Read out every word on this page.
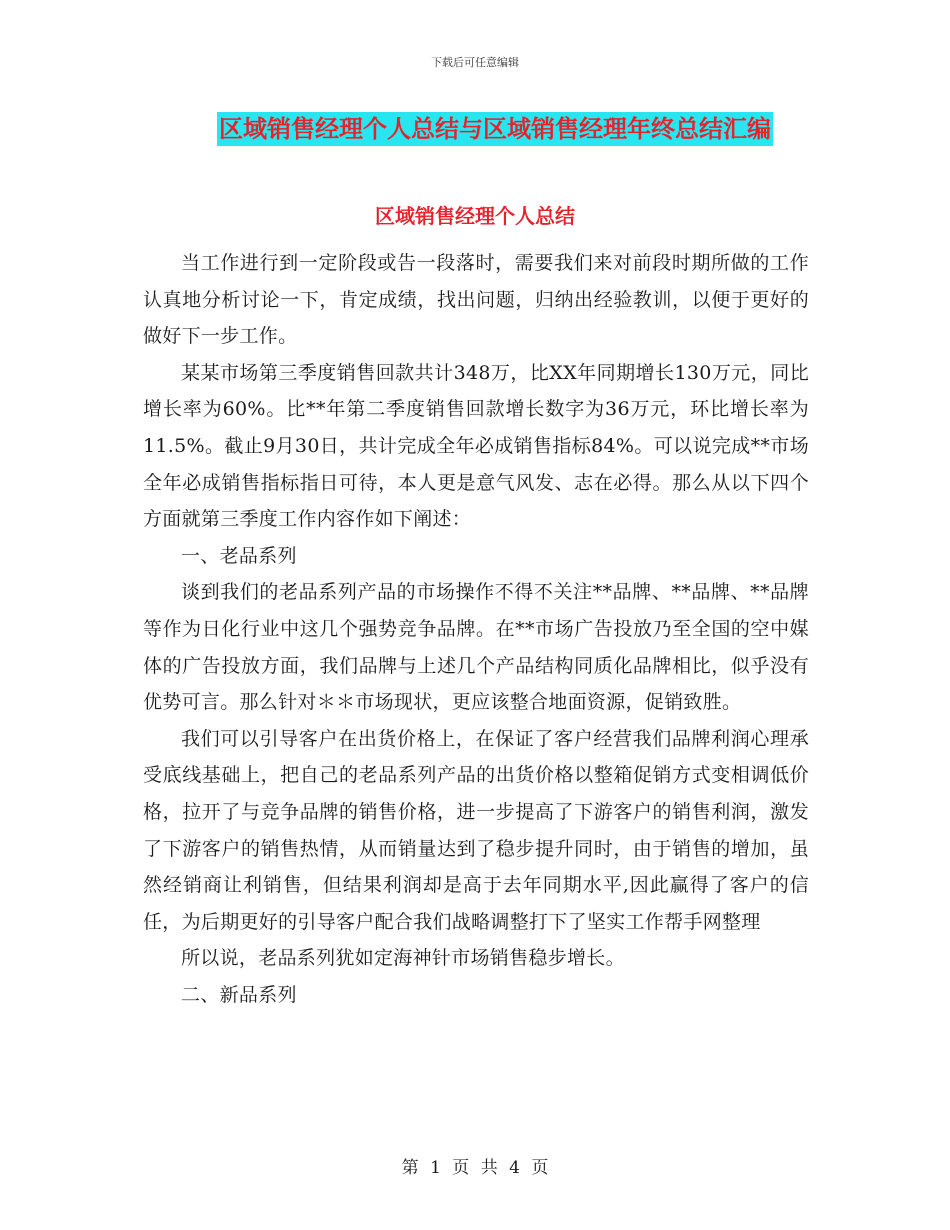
下载后可任意编辑
区域销售经理个人总结与区域销售经理年终总结汇编
区域销售经理个人总结

当工作进行到一定阶段或告一段落时，需要我们来对前段时期所做的工作认真地分析讨论一下，肯定成绩，找出问题，归纳出经验教训，以便于更好的做好下一步工作。

某某市场第三季度销售回款共计348万，比XX年同期增长130万元，同比增长率为60%。比**年第二季度销售回款增长数字为36万元，环比增长率为11.5%。截止9月30日，共计完成全年必成销售指标84%。可以说完成**市场全年必成销售指标指日可待，本人更是意气风发、志在必得。那么从以下四个方面就第三季度工作内容作如下阐述：

一、老品系列

谈到我们的老品系列产品的市场操作不得不关注**品牌、**品牌、**品牌等作为日化行业中这几个强势竞争品牌。在**市场广告投放乃至全国的空中媒体的广告投放方面，我们品牌与上述几个产品结构同质化品牌相比，似乎没有优势可言。那么针对＊＊市场现状，更应该整合地面资源，促销致胜。

我们可以引导客户在出货价格上，在保证了客户经营我们品牌利润心理承受底线基础上，把自己的老品系列产品的出货价格以整箱促销方式变相调低价格，拉开了与竞争品牌的销售价格，进一步提高了下游客户的销售利润，激发了下游客户的销售热情，从而销量达到了稳步提升同时，由于销售的增加，虽然经销商让利销售，但结果利润却是高于去年同期水平,因此赢得了客户的信任，为后期更好的引导客户配合我们战略调整打下了坚实工作帮手网整理

所以说，老品系列犹如定海神针市场销售稳步增长。

二、新品系列

第 1 页 共 4 页
